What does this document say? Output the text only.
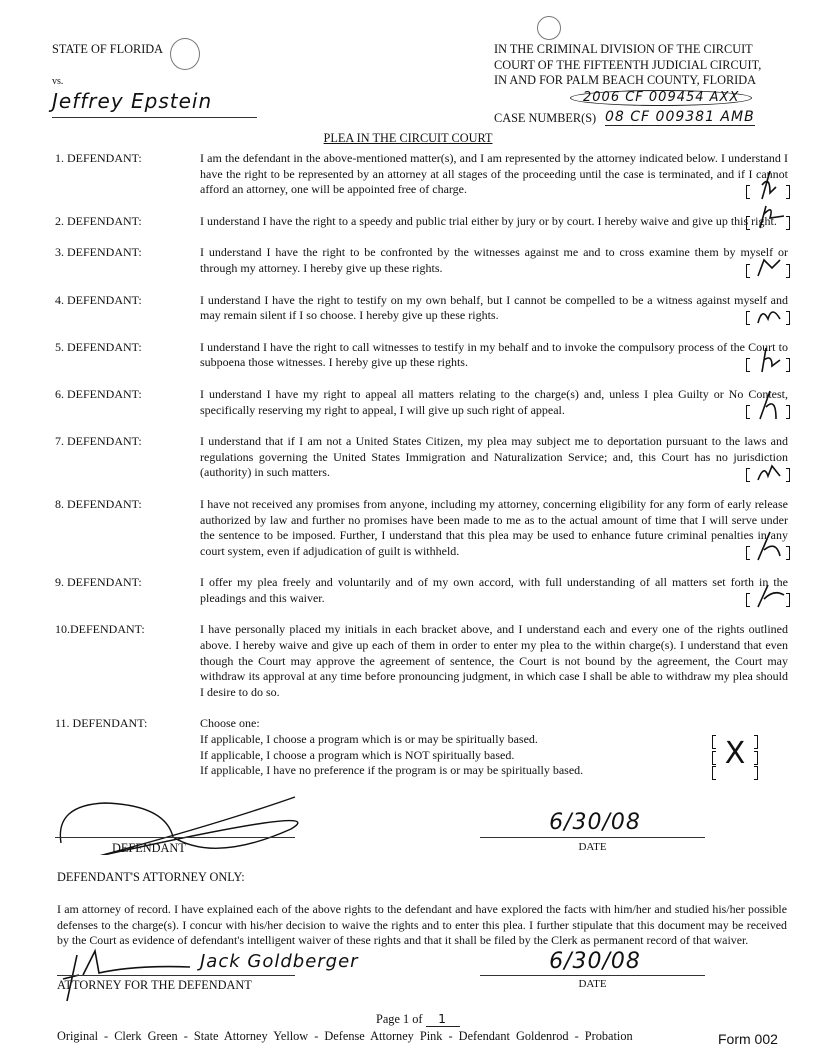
STATE OF FLORIDA
vs.
Jeffrey Epstein
IN THE CRIMINAL DIVISION OF THE CIRCUIT
COURT OF THE FIFTEENTH JUDICIAL CIRCUIT,
IN AND FOR PALM BEACH COUNTY, FLORIDA
2006 CF 009454 AXX
CASE NUMBER(S) 08 CF 009381 AMB
PLEA IN THE CIRCUIT COURT
1. DEFENDANT:	I am the defendant in the above-mentioned matter(s), and I am represented by the attorney indicated below. I understand I have the right to be represented by an attorney at all stages of the proceeding until the case is terminated, and if I cannot afford an attorney, one will be appointed free of charge.
2. DEFENDANT:	I understand I have the right to a speedy and public trial either by jury or by court. I hereby waive and give up this right.
3. DEFENDANT:	I understand I have the right to be confronted by the witnesses against me and to cross examine them by myself or through my attorney. I hereby give up these rights.
4. DEFENDANT:	I understand I have the right to testify on my own behalf, but I cannot be compelled to be a witness against myself and may remain silent if I so choose. I hereby give up these rights.
5. DEFENDANT:	I understand I have the right to call witnesses to testify in my behalf and to invoke the compulsory process of the Court to subpoena those witnesses. I hereby give up these rights.
6. DEFENDANT:	I understand I have my right to appeal all matters relating to the charge(s) and, unless I plea Guilty or No Contest, specifically reserving my right to appeal, I will give up such right of appeal.
7. DEFENDANT:	I understand that if I am not a United States Citizen, my plea may subject me to deportation pursuant to the laws and regulations governing the United States Immigration and Naturalization Service; and, this Court has no jurisdiction (authority) in such matters.
8. DEFENDANT:	I have not received any promises from anyone, including my attorney, concerning eligibility for any form of early release authorized by law and further no promises have been made to me as to the actual amount of time that I will serve under the sentence to be imposed. Further, I understand that this plea may be used to enhance future criminal penalties in any court system, even if adjudication of guilt is withheld.
9. DEFENDANT:	I offer my plea freely and voluntarily and of my own accord, with full understanding of all matters set forth in the pleadings and this waiver.
10.DEFENDANT:	I have personally placed my initials in each bracket above, and I understand each and every one of the rights outlined above. I hereby waive and give up each of them in order to enter my plea to the within charge(s). I understand that even though the Court may approve the agreement of sentence, the Court is not bound by the agreement, the Court may withdraw its approval at any time before pronouncing judgment, in which case I shall be able to withdraw my plea should I desire to do so.
11. DEFENDANT:	Choose one:
If applicable, I choose a program which is or may be spiritually based.
If applicable, I choose a program which is NOT spiritually based.
If applicable, I have no preference if the program is or may be spiritually based.	X
DEFENDANT
6/30/08
DATE
DEFENDANT'S ATTORNEY ONLY:
I am attorney of record. I have explained each of the above rights to the defendant and have explored the facts with him/her and studied his/her possible defenses to the charge(s). I concur with his/her decision to waive the rights and to enter this plea. I further stipulate that this document may be received by the Court as evidence of defendant's intelligent waiver of these rights and that it shall be filed by the Clerk as permanent record of that waiver.
Jack Goldberger
ATTORNEY FOR THE DEFENDANT
6/30/08
DATE
Page 1 of 1
Original - Clerk Green - State Attorney Yellow - Defense Attorney Pink - Defendant Goldenrod - Probation	Form 002
